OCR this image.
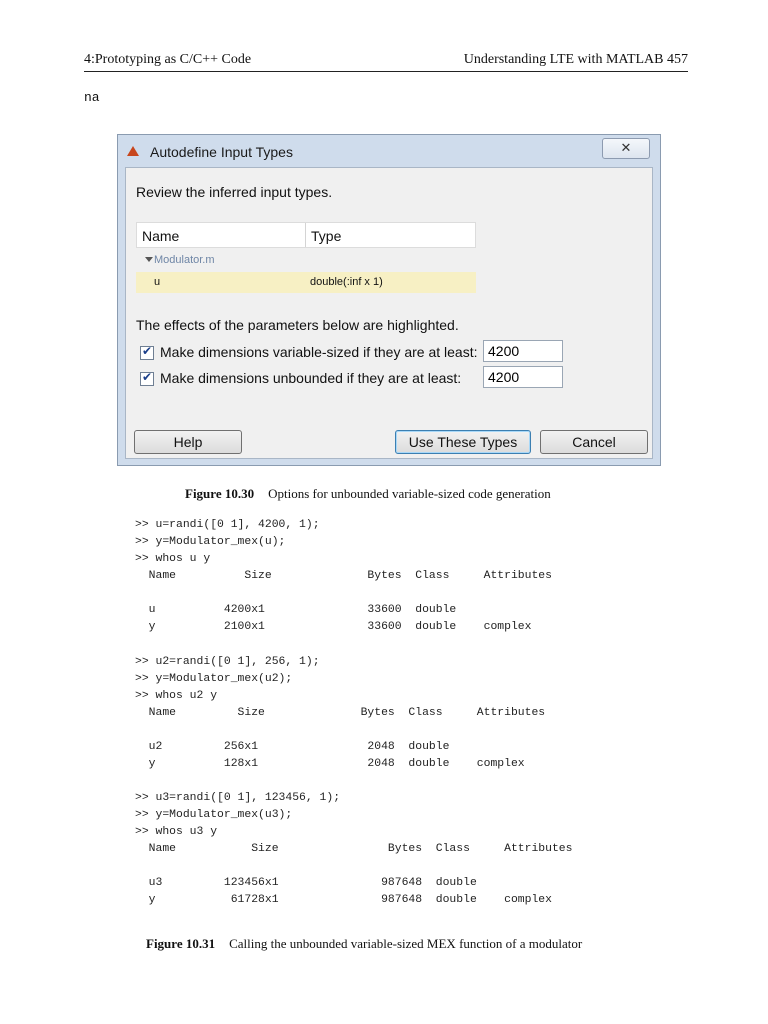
4:Prototyping as C/C++ Code	Understanding LTE with MATLAB 457
na
Autodefine Input Types	✕
Review the inferred input types.
Name	Type
Modulator.m
u	double(:inf x 1)
The effects of the parameters below are highlighted.
✔ Make dimensions variable-sized if they are at least:
4200
✔ Make dimensions unbounded if they are at least:
4200
Help	Use These Types	Cancel
Figure 10.30 Options for unbounded variable-sized code generation
>> u=randi([0 1], 4200, 1);
>> y=Modulator_mex(u);
>> whos u y
Name          Size              Bytes  Class     Attributes

u          4200x1               33600  double
y          2100x1               33600  double    complex
>> u2=randi([0 1], 256, 1);
>> y=Modulator_mex(u2);
>> whos u2 y
Name         Size              Bytes  Class     Attributes

u2         256x1                2048  double
y          128x1                2048  double    complex
>> u3=randi([0 1], 123456, 1);
>> y=Modulator_mex(u3);
>> whos u3 y
Name           Size                Bytes  Class     Attributes

u3         123456x1               987648  double
y           61728x1               987648  double    complex
Figure 10.31 Calling the unbounded variable-sized MEX function of a modulator
